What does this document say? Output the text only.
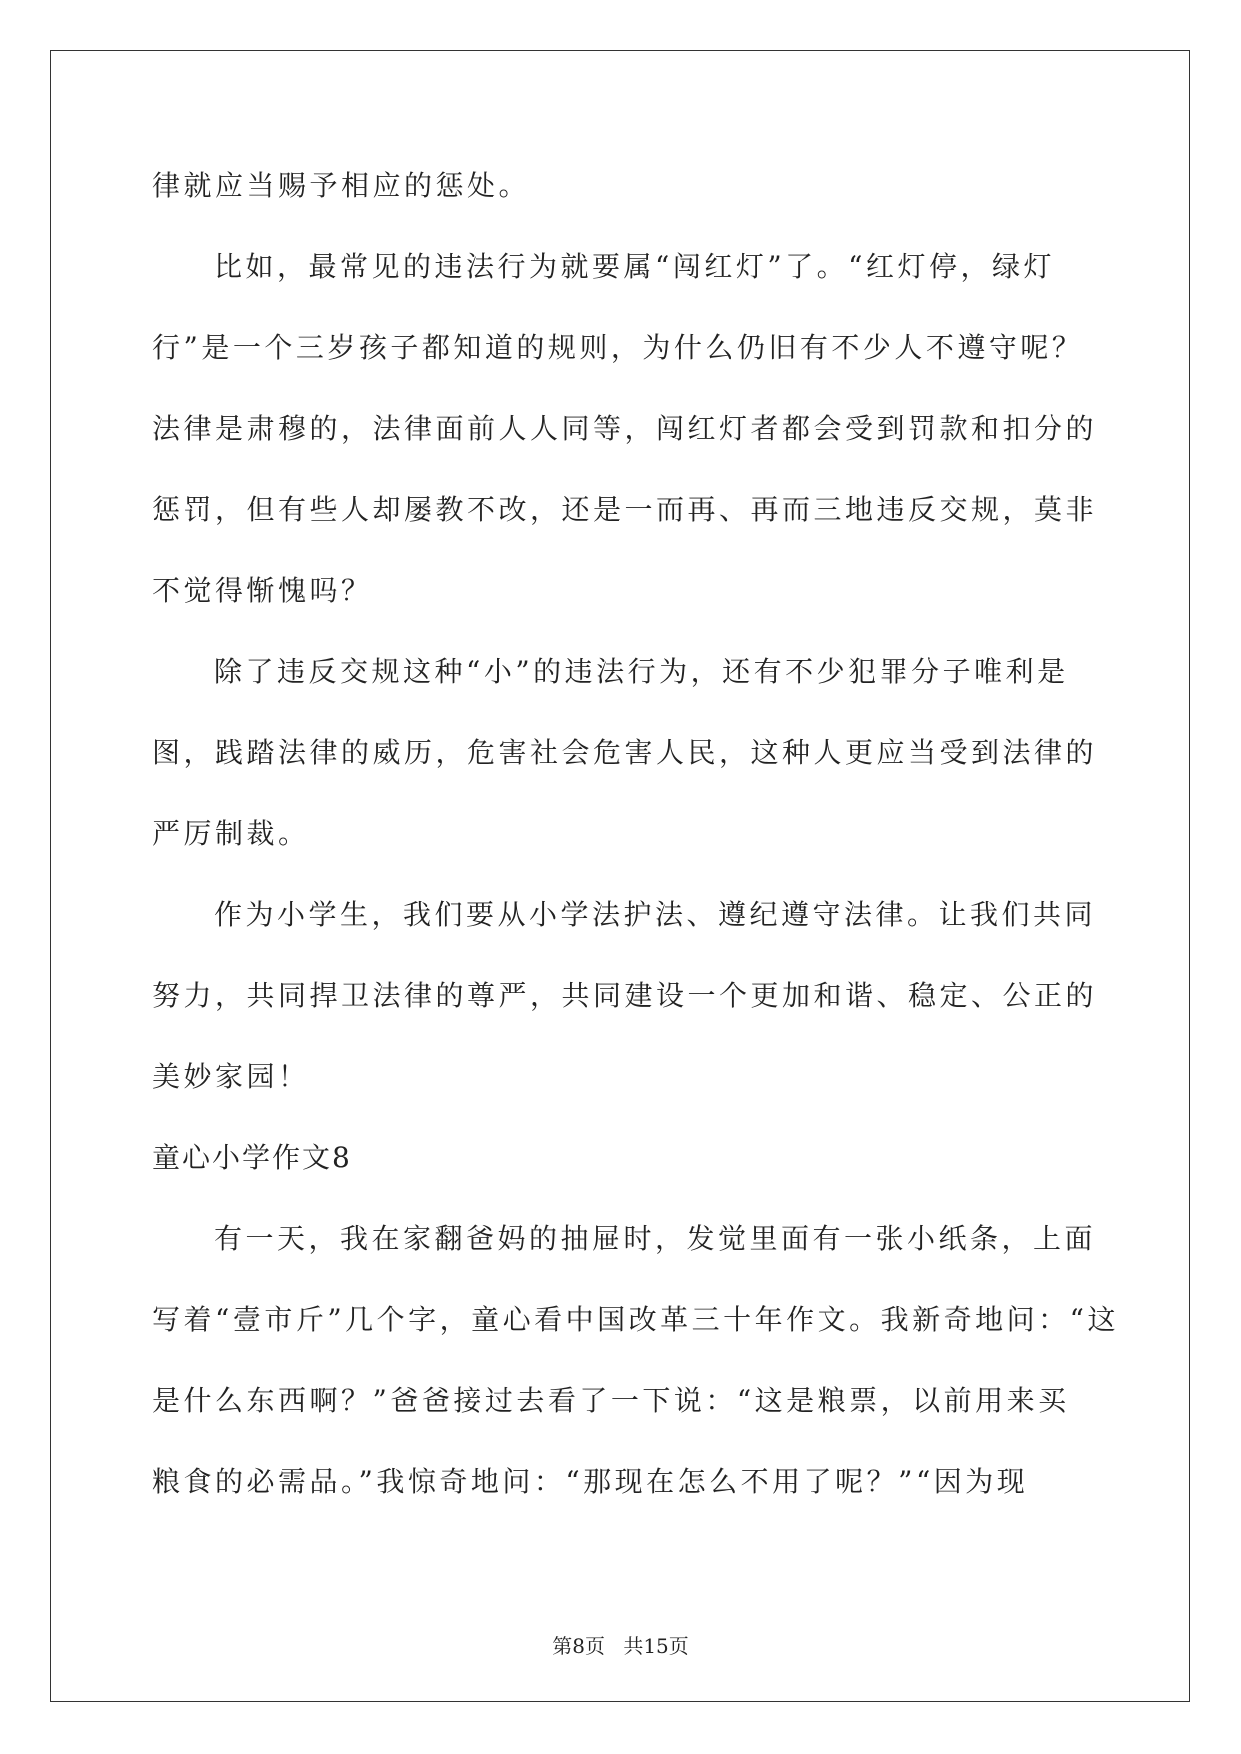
律就应当赐予相应的惩处。
比如，最常见的违法行为就要属“闯红灯”了。“红灯停，绿灯
行”是一个三岁孩子都知道的规则，为什么仍旧有不少人不遵守呢？
法律是肃穆的，法律面前人人同等，闯红灯者都会受到罚款和扣分的
惩罚，但有些人却屡教不改，还是一而再、再而三地违反交规，莫非
不觉得惭愧吗？
除了违反交规这种“小”的违法行为，还有不少犯罪分子唯利是
图，践踏法律的威历，危害社会危害人民，这种人更应当受到法律的
严厉制裁。
作为小学生，我们要从小学法护法、遵纪遵守法律。让我们共同
努力，共同捍卫法律的尊严，共同建设一个更加和谐、稳定、公正的
美妙家园！
童心小学作文8
有一天，我在家翻爸妈的抽屉时，发觉里面有一张小纸条，上面
写着“壹市斤”几个字，童心看中国改革三十年作文。我新奇地问：“这
是什么东西啊？”爸爸接过去看了一下说：“这是粮票，以前用来买
粮食的必需品。”我惊奇地问：“那现在怎么不用了呢？”“因为现
第8页 共15页
